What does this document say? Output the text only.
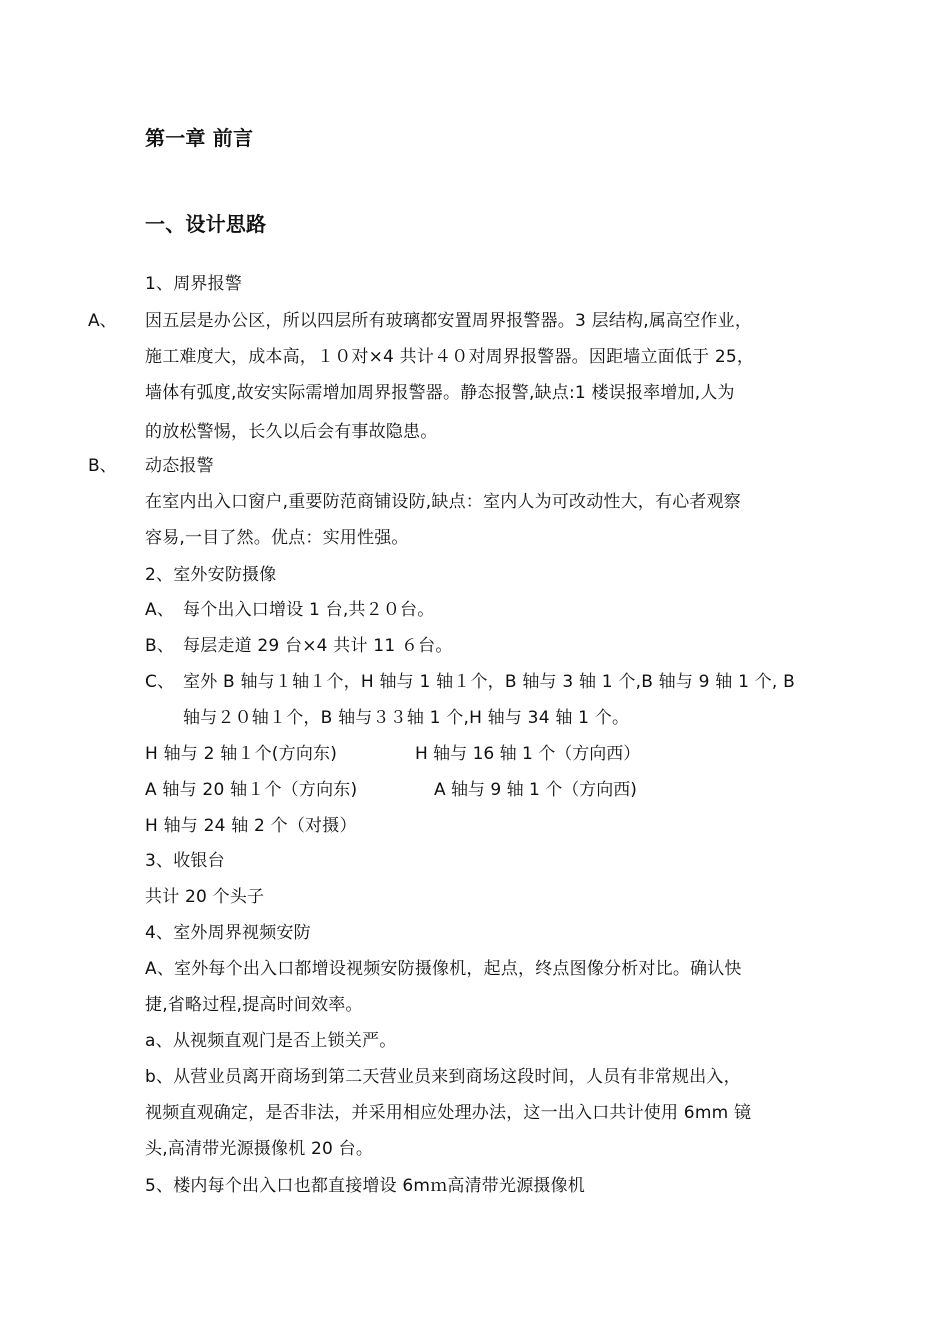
第一章 前言
一、设计思路
1、周界报警
A、 因五层是办公区，所以四层所有玻璃都安置周界报警器。3 层结构,属高空作业，
施工难度大，成本高，１０对×4 共计４０对周界报警器。因距墙立面低于 25，
墙体有弧度,故安实际需增加周界报警器。静态报警,缺点:1 楼误报率增加,人为
的放松警惕，长久以后会有事故隐患。
B、 动态报警
在室内出入口窗户,重要防范商铺设防,缺点：室内人为可改动性大，有心者观察
容易,一目了然。优点：实用性强。
2、室外安防摄像
A、 每个出入口增设 1 台,共２０台。
B、 每层走道 29 台×4 共计 11 ６台。
C、 室外 B 轴与１轴１个，H 轴与 1 轴１个，B 轴与 3 轴 1 个,B 轴与 9 轴 1 个, B
轴与２０轴１个，B 轴与３３轴 1 个,H 轴与 34 轴 1 个。
H 轴与 2 轴１个(方向东)	H 轴与 16 轴 1 个（方向西）
A 轴与 20 轴１个（方向东)	A 轴与 9 轴 1 个（方向西)
H 轴与 24 轴 2 个（对摄）
3、收银台
共计 20 个头子
4、室外周界视频安防
A、室外每个出入口都增设视频安防摄像机，起点，终点图像分析对比。确认快
捷,省略过程,提高时间效率。
a、从视频直观门是否上锁关严。
b、从营业员离开商场到第二天营业员来到商场这段时间，人员有非常规出入，
视频直观确定，是否非法，并采用相应处理办法，这一出入口共计使用 6mm 镜
头,高清带光源摄像机 20 台。
5、楼内每个出入口也都直接增设 6mｍ高清带光源摄像机
